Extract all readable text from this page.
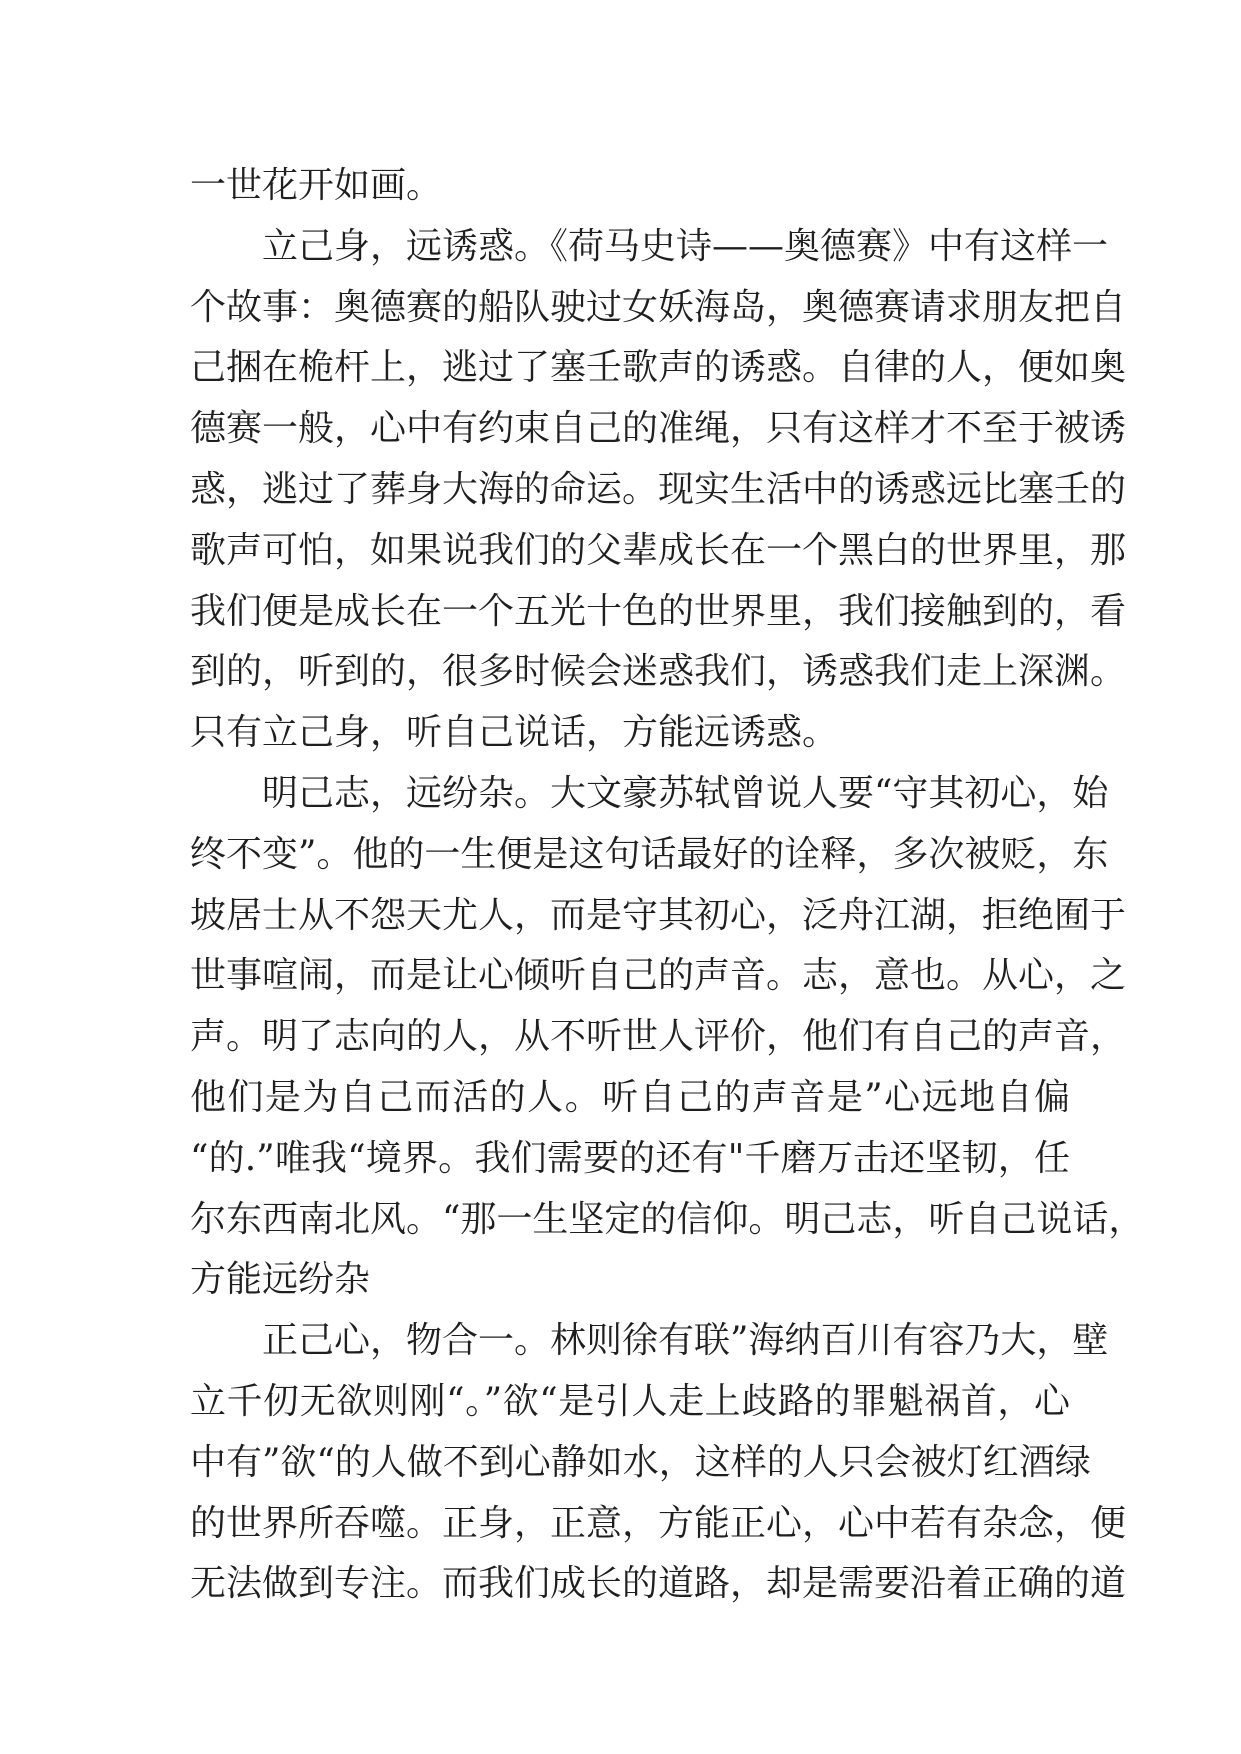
一世花开如画。
立己身，远诱惑。《荷马史诗——奥德赛》中有这样一
个故事：奥德赛的船队驶过女妖海岛，奥德赛请求朋友把自
己捆在桅杆上，逃过了塞壬歌声的诱惑。自律的人，便如奥
德赛一般，心中有约束自己的准绳，只有这样才不至于被诱
惑，逃过了葬身大海的命运。现实生活中的诱惑远比塞壬的
歌声可怕，如果说我们的父辈成长在一个黑白的世界里，那
我们便是成长在一个五光十色的世界里，我们接触到的，看
到的，听到的，很多时候会迷惑我们，诱惑我们走上深渊。
只有立己身，听自己说话，方能远诱惑。
明己志，远纷杂。大文豪苏轼曾说人要“守其初心，始
终不变”。他的一生便是这句话最好的诠释，多次被贬，东
坡居士从不怨天尤人，而是守其初心，泛舟江湖，拒绝囿于
世事喧闹，而是让心倾听自己的声音。志，意也。从心，之
声。明了志向的人，从不听世人评价，他们有自己的声音，
他们是为自己而活的人。听自己的声音是”心远地自偏
“的.”唯我“境界。我们需要的还有"千磨万击还坚韧，任
尔东西南北风。“那一生坚定的信仰。明己志，听自己说话，
方能远纷杂
正己心，物合一。林则徐有联”海纳百川有容乃大，壁
立千仞无欲则刚“。”欲“是引人走上歧路的罪魁祸首，心
中有”欲“的人做不到心静如水，这样的人只会被灯红酒绿
的世界所吞噬。正身，正意，方能正心，心中若有杂念，便
无法做到专注。而我们成长的道路，却是需要沿着正确的道
